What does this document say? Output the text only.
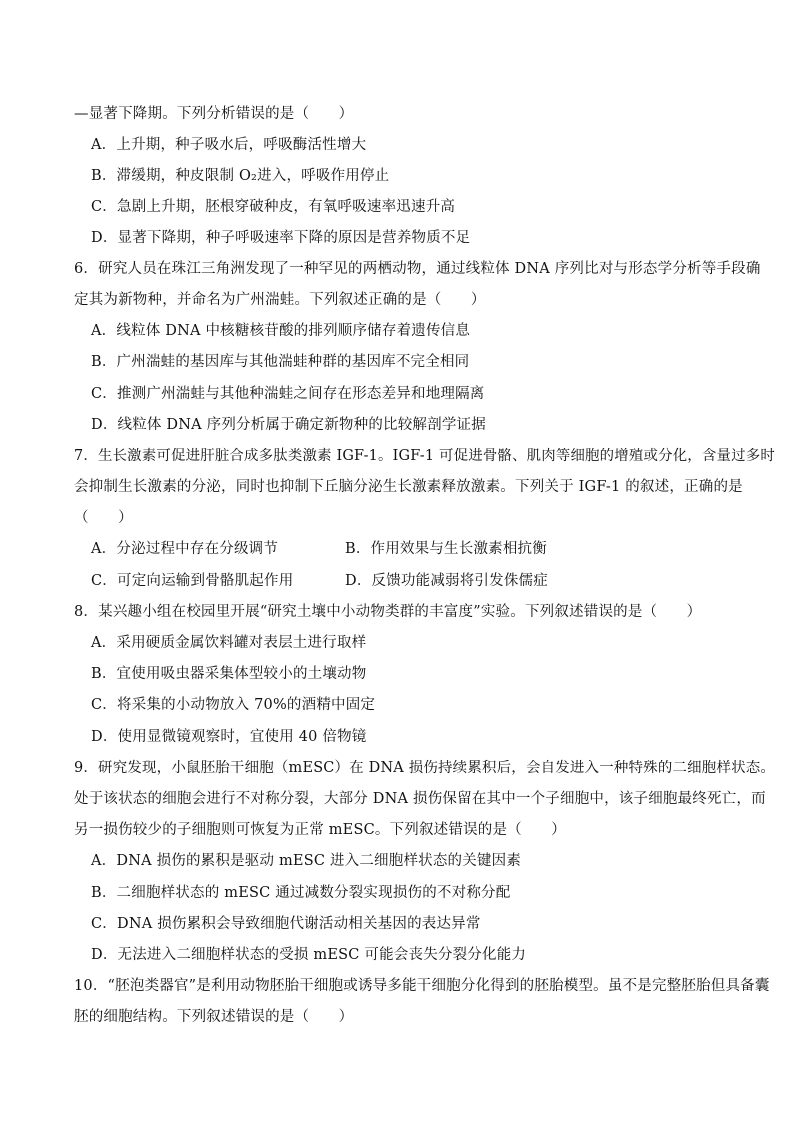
—显著下降期。下列分析错误的是（　　）
A．上升期，种子吸水后，呼吸酶活性增大
B．滞缓期，种皮限制 O₂进入，呼吸作用停止
C．急剧上升期，胚根穿破种皮，有氧呼吸速率迅速升高
D．显著下降期，种子呼吸速率下降的原因是营养物质不足
6．研究人员在珠江三角洲发现了一种罕见的两栖动物，通过线粒体 DNA 序列比对与形态学分析等手段确
定其为新物种，并命名为广州湍蛙。下列叙述正确的是（　　）
A．线粒体 DNA 中核糖核苷酸的排列顺序储存着遗传信息
B．广州湍蛙的基因库与其他湍蛙种群的基因库不完全相同
C．推测广州湍蛙与其他种湍蛙之间存在形态差异和地理隔离
D．线粒体 DNA 序列分析属于确定新物种的比较解剖学证据
7．生长激素可促进肝脏合成多肽类激素 IGF-1。IGF-1 可促进骨骼、肌肉等细胞的增殖或分化，含量过多时
会抑制生长激素的分泌，同时也抑制下丘脑分泌生长激素释放激素。下列关于 IGF-1 的叙述，正确的是
（　　）
A．分泌过程中存在分级调节	B．作用效果与生长激素相抗衡
C．可定向运输到骨骼肌起作用	D．反馈功能减弱将引发侏儒症
8．某兴趣小组在校园里开展“研究土壤中小动物类群的丰富度”实验。下列叙述错误的是（　　）
A．采用硬质金属饮料罐对表层土进行取样
B．宜使用吸虫器采集体型较小的土壤动物
C．将采集的小动物放入 70%的酒精中固定
D．使用显微镜观察时，宜使用 40 倍物镜
9．研究发现，小鼠胚胎干细胞（mESC）在 DNA 损伤持续累积后，会自发进入一种特殊的二细胞样状态。
处于该状态的细胞会进行不对称分裂，大部分 DNA 损伤保留在其中一个子细胞中，该子细胞最终死亡，而
另一损伤较少的子细胞则可恢复为正常 mESC。下列叙述错误的是（　　）
A．DNA 损伤的累积是驱动 mESC 进入二细胞样状态的关键因素
B．二细胞样状态的 mESC 通过减数分裂实现损伤的不对称分配
C．DNA 损伤累积会导致细胞代谢活动相关基因的表达异常
D．无法进入二细胞样状态的受损 mESC 可能会丧失分裂分化能力
10．“胚泡类器官”是利用动物胚胎干细胞或诱导多能干细胞分化得到的胚胎模型。虽不是完整胚胎但具备囊
胚的细胞结构。下列叙述错误的是（　　）
